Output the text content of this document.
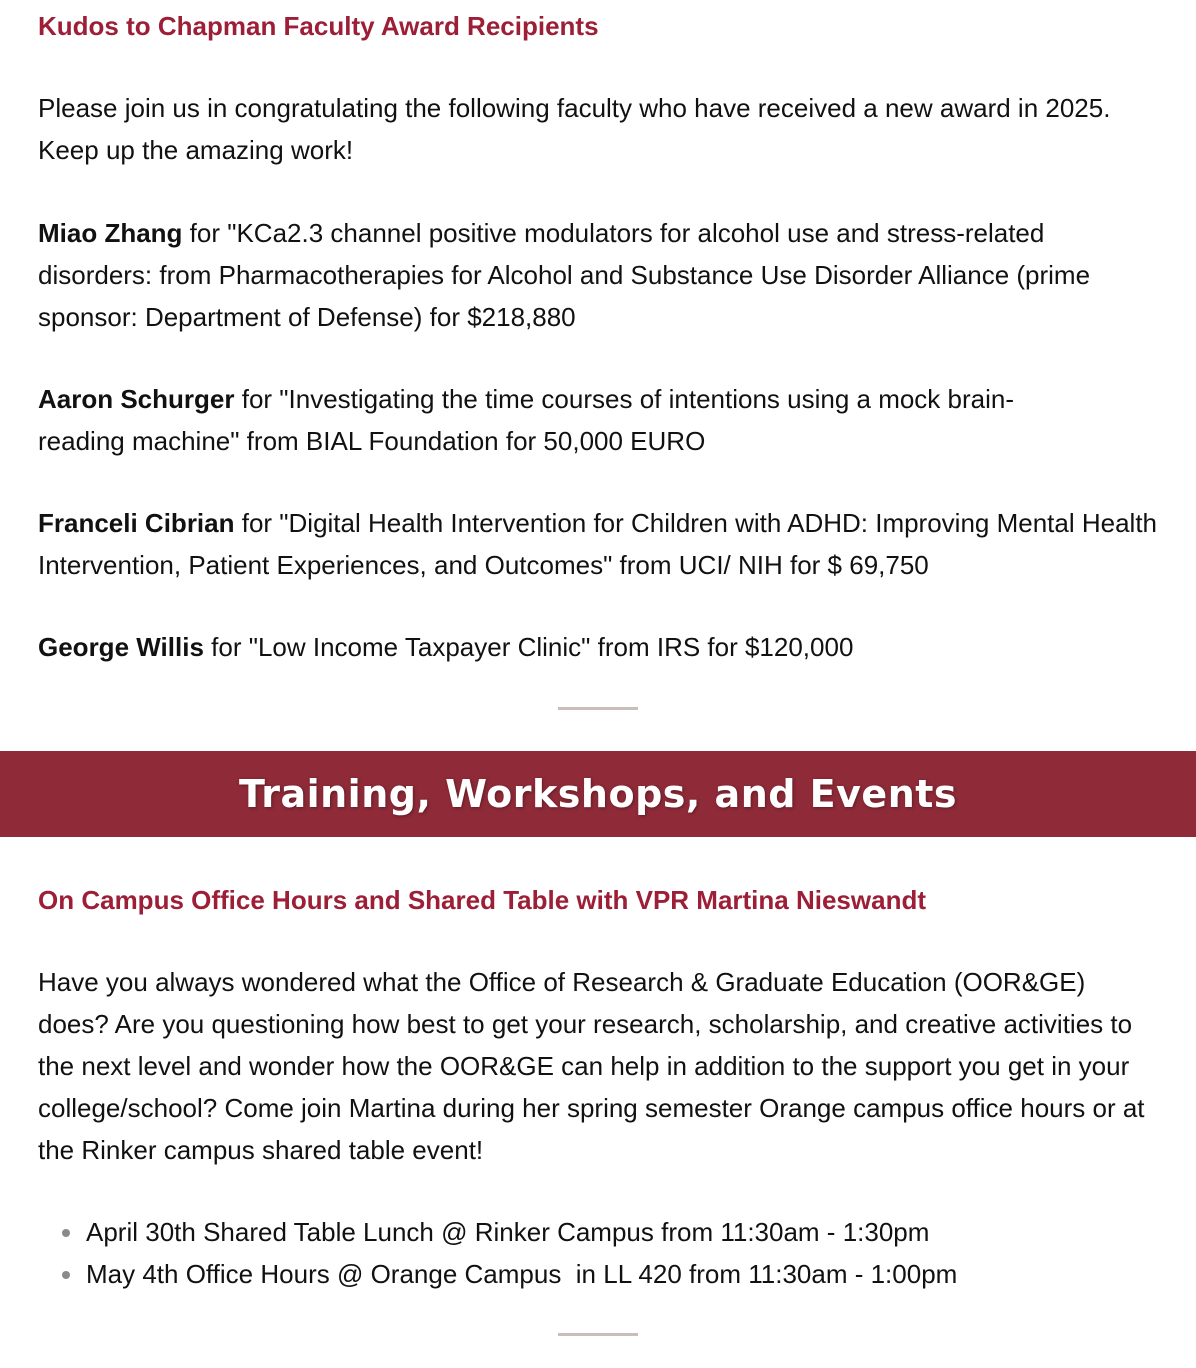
Kudos to Chapman Faculty Award Recipients

Please join us in congratulating the following faculty who have received a new award in 2025. Keep up the amazing work!

Miao Zhang for "KCa2.3 channel positive modulators for alcohol use and stress-related disorders: from Pharmacotherapies for Alcohol and Substance Use Disorder Alliance (prime sponsor: Department of Defense) for $218,880

Aaron Schurger for "Investigating the time courses of intentions using a mock brain-reading machine" from BIAL Foundation for 50,000 EURO

Franceli Cibrian for "Digital Health Intervention for Children with ADHD: Improving Mental Health Intervention, Patient Experiences, and Outcomes" from UCI/ NIH for $ 69,750

George Willis for "Low Income Taxpayer Clinic" from IRS for $120,000

Training, Workshops, and Events
On Campus Office Hours and Shared Table with VPR Martina Nieswandt

Have you always wondered what the Office of Research & Graduate Education (OOR&GE) does? Are you questioning how best to get your research, scholarship, and creative activities to the next level and wonder how the OOR&GE can help in addition to the support you get in your college/school? Come join Martina during her spring semester Orange campus office hours or at the Rinker campus shared table event!

April 30th Shared Table Lunch @ Rinker Campus from 11:30am - 1:30pm
May 4th Office Hours @ Orange Campus  in LL 420 from 11:30am - 1:00pm
